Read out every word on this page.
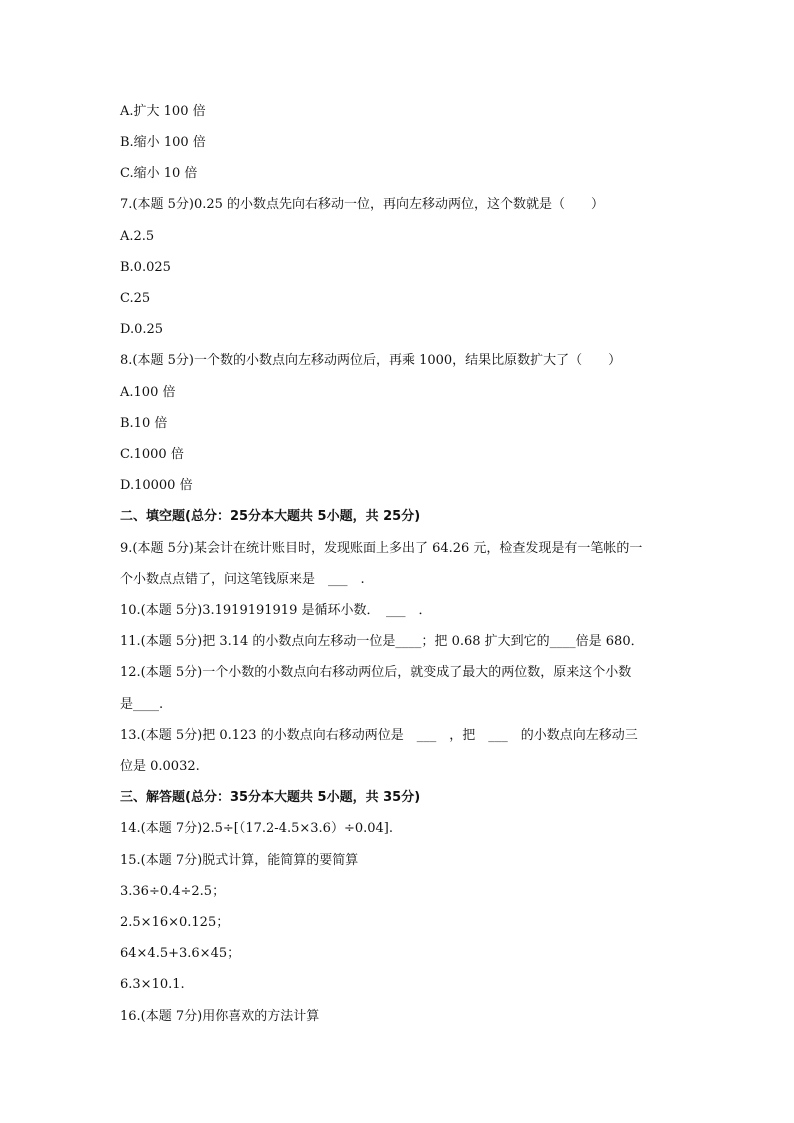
A.扩大 100 倍

B.缩小 100 倍

C.缩小 10 倍

7.(本题 5分)0.25 的小数点先向右移动一位，再向左移动两位，这个数就是（　　）

A.2.5

B.0.025

C.25

D.0.25

8.(本题 5分)一个数的小数点向左移动两位后，再乘 1000，结果比原数扩大了（　　）

A.100 倍

B.10 倍

C.1000 倍

D.10000 倍

二、填空题(总分：25分本大题共 5小题，共 25分)

9.(本题 5分)某会计在统计账目时，发现账面上多出了 64.26 元，检查发现是有一笔帐的一

个小数点点错了，问这笔钱原来是　___　.

10.(本题 5分)3.1919191919 是循环小数．　___　．

11.(本题 5分)把 3.14 的小数点向左移动一位是____；把 0.68 扩大到它的____倍是 680．

12.(本题 5分)一个小数的小数点向右移动两位后，就变成了最大的两位数，原来这个小数

是____.

13.(本题 5分)把 0.123 的小数点向右移动两位是　___　，把　___　的小数点向左移动三

位是 0.0032.

三、解答题(总分：35分本大题共 5小题，共 35分)

14.(本题 7分)2.5÷[（17.2-4.5×3.6）÷0.04].

15.(本题 7分)脱式计算，能简算的要简算

3.36÷0.4÷2.5；

2.5×16×0.125；

64×4.5+3.6×45；

6.3×10.1.

16.(本题 7分)用你喜欢的方法计算
